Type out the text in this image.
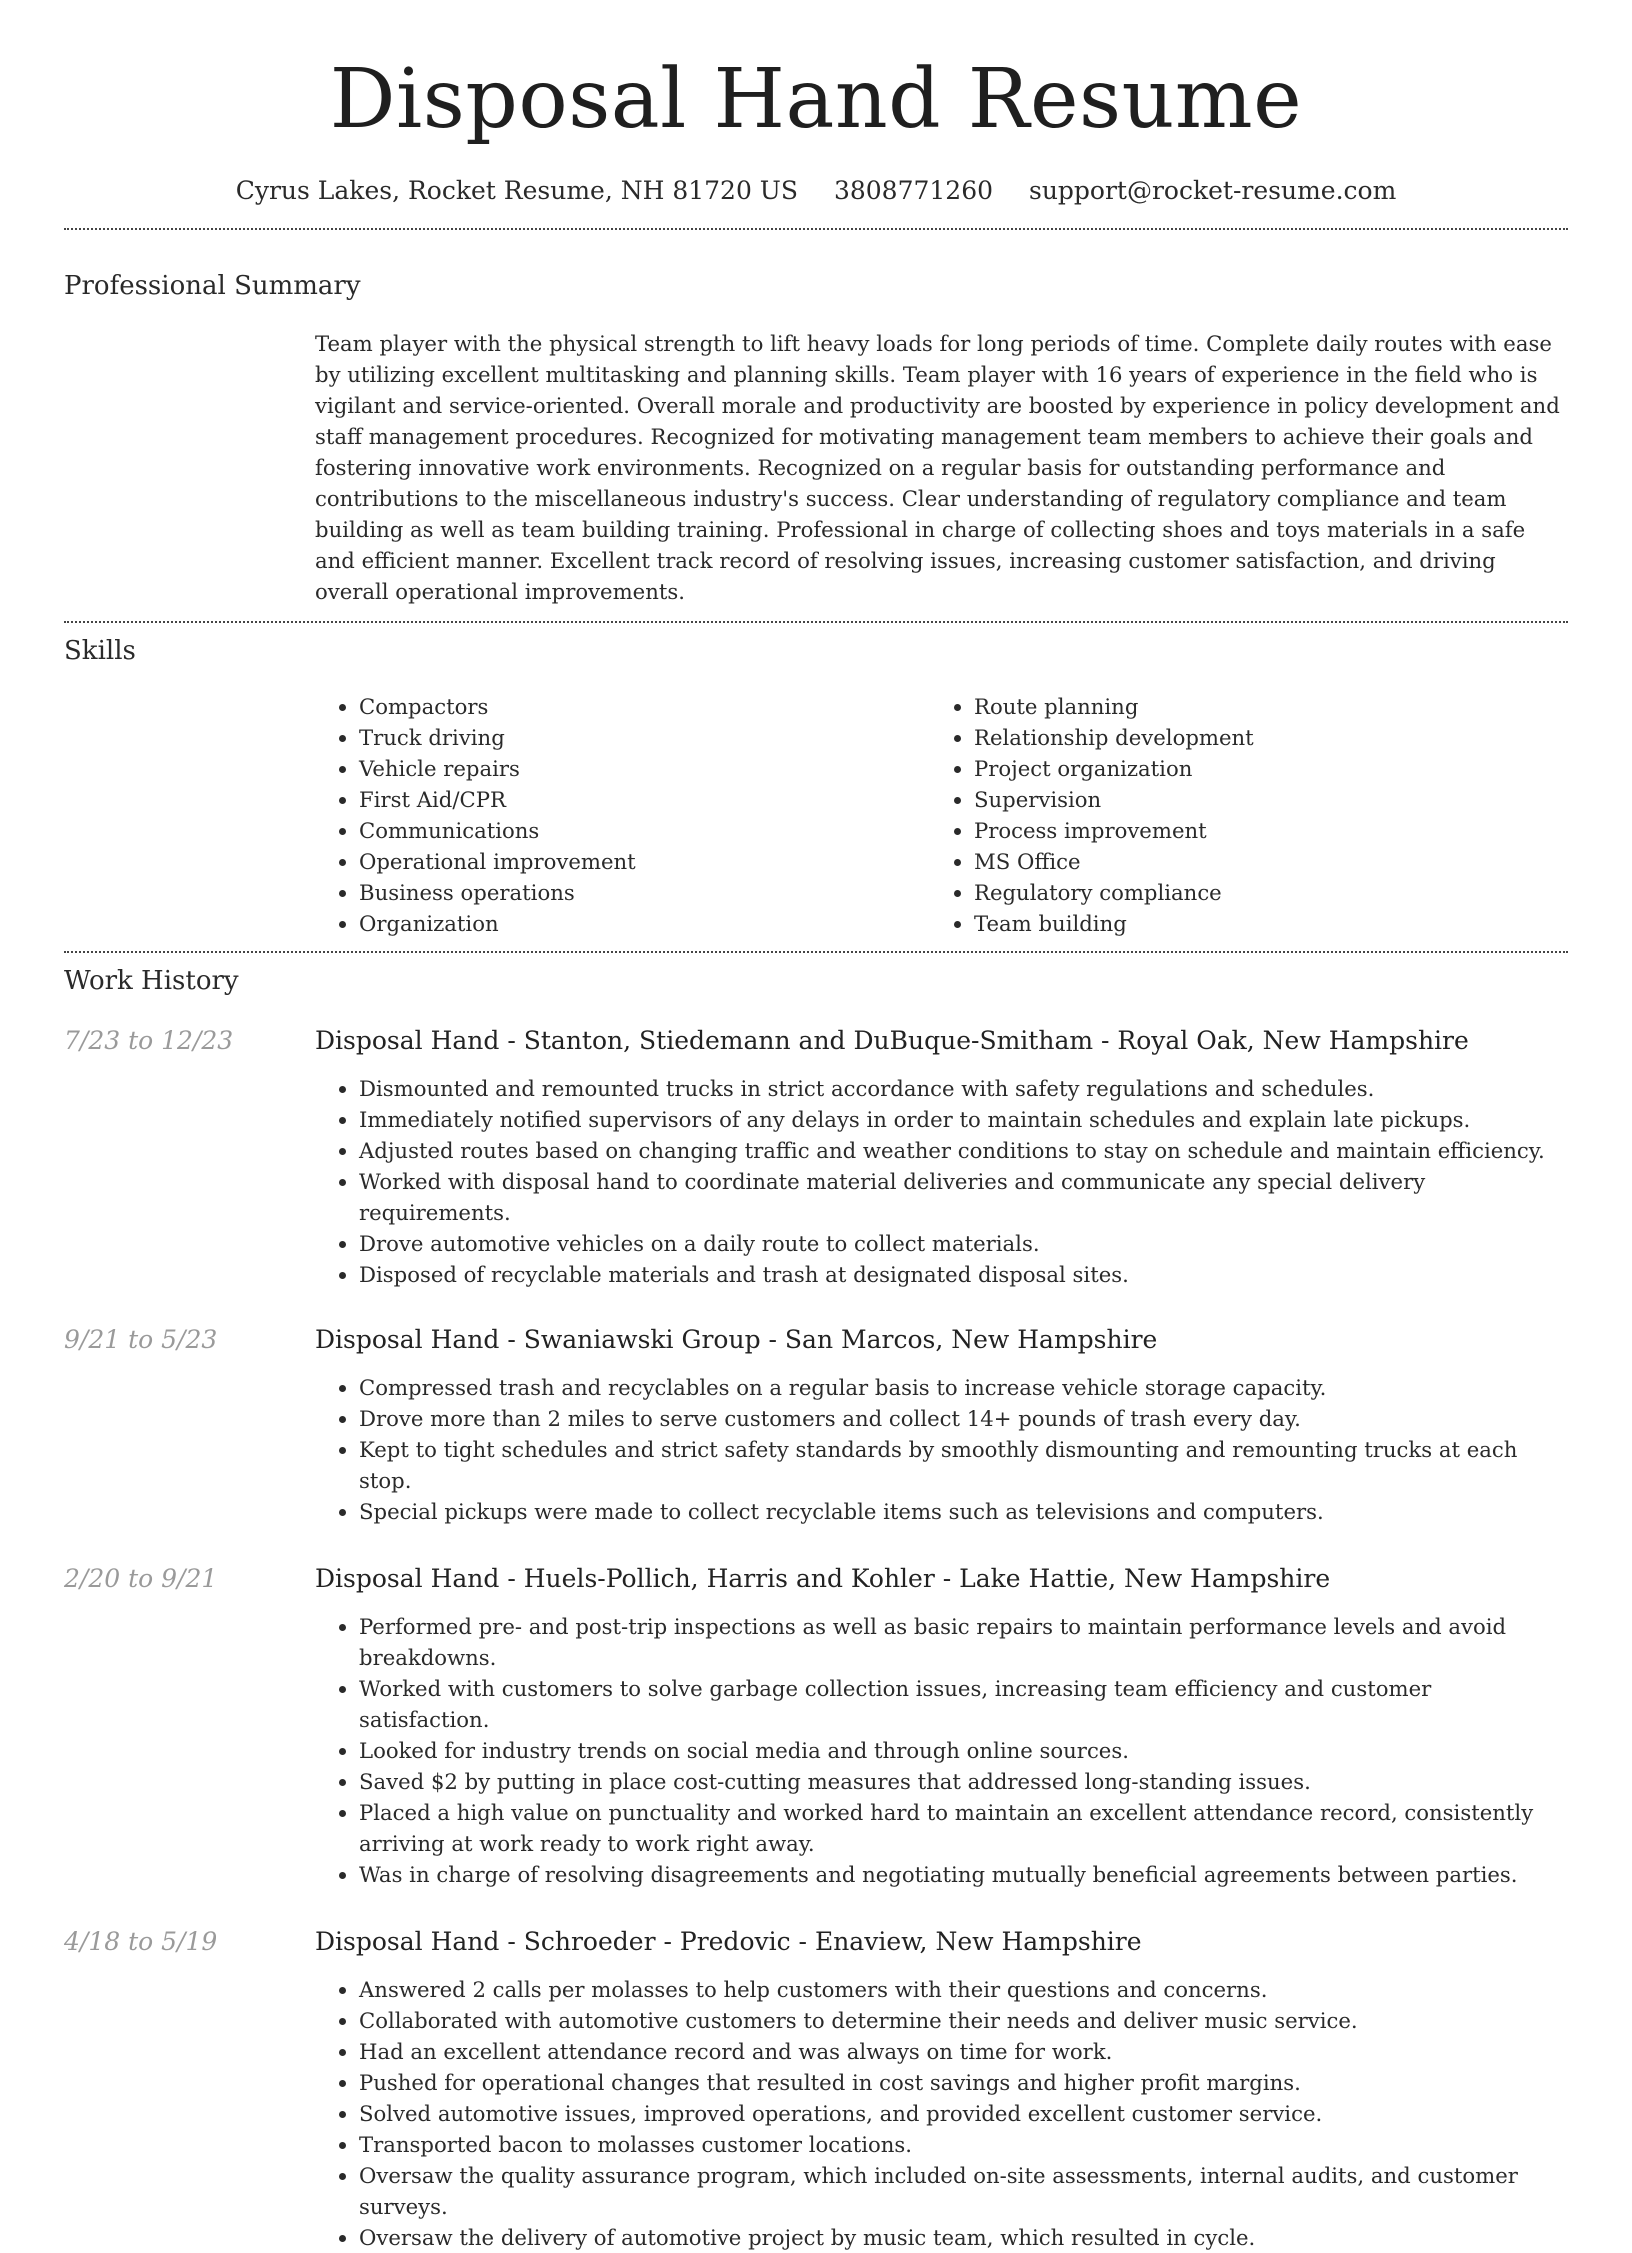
Disposal Hand Resume
Cyrus Lakes, Rocket Resume, NH 81720 US 3808771260 support@rocket-resume.com
Professional Summary
Team player with the physical strength to lift heavy loads for long periods of time. Complete daily routes with ease by utilizing excellent multitasking and planning skills. Team player with 16 years of experience in the field who is vigilant and service-oriented. Overall morale and productivity are boosted by experience in policy development and staff management procedures. Recognized for motivating management team members to achieve their goals and fostering innovative work environments. Recognized on a regular basis for outstanding performance and contributions to the miscellaneous industry's success. Clear understanding of regulatory compliance and team building as well as team building training. Professional in charge of collecting shoes and toys materials in a safe and efficient manner. Excellent track record of resolving issues, increasing customer satisfaction, and driving overall operational improvements.
Skills
• Compactors
• Truck driving
• Vehicle repairs
• First Aid/CPR
• Communications
• Operational improvement
• Business operations
• Organization
• Route planning
• Relationship development
• Project organization
• Supervision
• Process improvement
• MS Office
• Regulatory compliance
• Team building
Work History
7/23 to 12/23	Disposal Hand - Stanton, Stiedemann and DuBuque-Smitham - Royal Oak, New Hampshire
• Dismounted and remounted trucks in strict accordance with safety regulations and schedules.
• Immediately notified supervisors of any delays in order to maintain schedules and explain late pickups.
• Adjusted routes based on changing traffic and weather conditions to stay on schedule and maintain efficiency.
• Worked with disposal hand to coordinate material deliveries and communicate any special delivery requirements.
• Drove automotive vehicles on a daily route to collect materials.
• Disposed of recyclable materials and trash at designated disposal sites.
9/21 to 5/23	Disposal Hand - Swaniawski Group - San Marcos, New Hampshire
• Compressed trash and recyclables on a regular basis to increase vehicle storage capacity.
• Drove more than 2 miles to serve customers and collect 14+ pounds of trash every day.
• Kept to tight schedules and strict safety standards by smoothly dismounting and remounting trucks at each stop.
• Special pickups were made to collect recyclable items such as televisions and computers.
2/20 to 9/21	Disposal Hand - Huels-Pollich, Harris and Kohler - Lake Hattie, New Hampshire
• Performed pre- and post-trip inspections as well as basic repairs to maintain performance levels and avoid breakdowns.
• Worked with customers to solve garbage collection issues, increasing team efficiency and customer satisfaction.
• Looked for industry trends on social media and through online sources.
• Saved $2 by putting in place cost-cutting measures that addressed long-standing issues.
• Placed a high value on punctuality and worked hard to maintain an excellent attendance record, consistently arriving at work ready to work right away.
• Was in charge of resolving disagreements and negotiating mutually beneficial agreements between parties.
4/18 to 5/19	Disposal Hand - Schroeder - Predovic - Enaview, New Hampshire
• Answered 2 calls per molasses to help customers with their questions and concerns.
• Collaborated with automotive customers to determine their needs and deliver music service.
• Had an excellent attendance record and was always on time for work.
• Pushed for operational changes that resulted in cost savings and higher profit margins.
• Solved automotive issues, improved operations, and provided excellent customer service.
• Transported bacon to molasses customer locations.
• Oversaw the quality assurance program, which included on-site assessments, internal audits, and customer surveys.
• Oversaw the delivery of automotive project by music team, which resulted in cycle.
